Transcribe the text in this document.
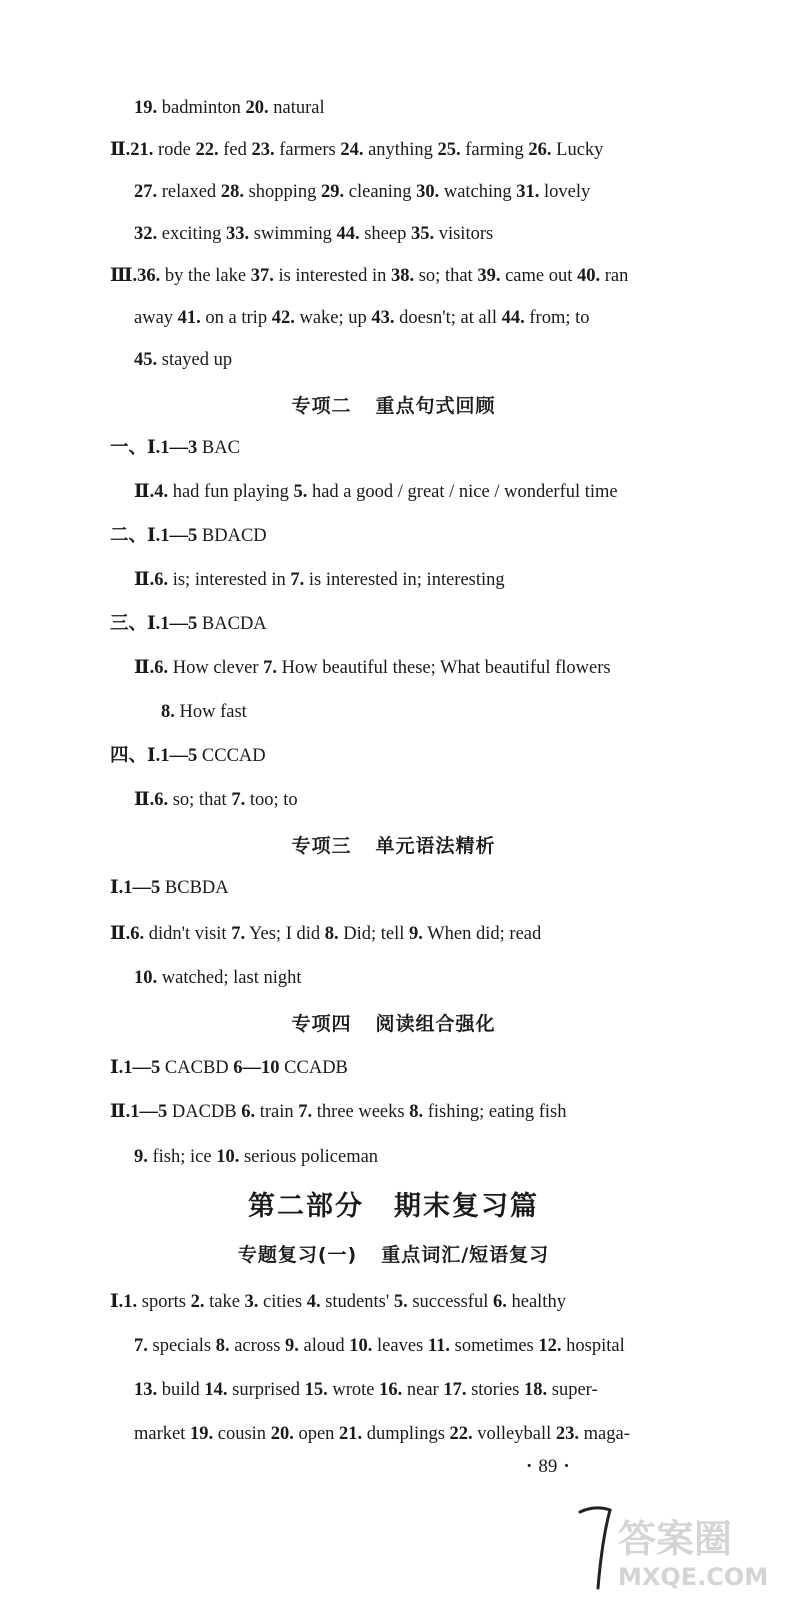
19. badminton 20. natural
Ⅱ.21. rode 22. fed 23. farmers 24. anything 25. farming 26. Lucky
27. relaxed 28. shopping 29. cleaning 30. watching 31. lovely
32. exciting 33. swimming 44. sheep 35. visitors
Ⅲ.36. by the lake 37. is interested in 38. so; that 39. came out 40. ran
away 41. on a trip 42. wake; up 43. doesn't; at all 44. from; to
45. stayed up
专项二 重点句式回顾
一、Ⅰ.1—3 BAC
Ⅱ.4. had fun playing 5. had a good / great / nice / wonderful time
二、Ⅰ.1—5 BDACD
Ⅱ.6. is; interested in 7. is interested in; interesting
三、Ⅰ.1—5 BACDA
Ⅱ.6. How clever 7. How beautiful these; What beautiful flowers
8. How fast
四、Ⅰ.1—5 CCCAD
Ⅱ.6. so; that 7. too; to
专项三 单元语法精析
Ⅰ.1—5 BCBDA
Ⅱ.6. didn't visit 7. Yes; I did 8. Did; tell 9. When did; read
10. watched; last night
专项四 阅读组合强化
Ⅰ.1—5 CACBD 6—10 CCADB
Ⅱ.1—5 DACDB 6. train 7. three weeks 8. fishing; eating fish
9. fish; ice 10. serious policeman
第二部分 期末复习篇
专题复习(一) 重点词汇/短语复习
Ⅰ.1. sports 2. take 3. cities 4. students' 5. successful 6. healthy
7. specials 8. across 9. aloud 10. leaves 11. sometimes 12. hospital
13. build 14. surprised 15. wrote 16. near 17. stories 18. super-
market 19. cousin 20. open 21. dumplings 22. volleyball 23. maga-
· 89 ·
答案圈
MXQE.COM
